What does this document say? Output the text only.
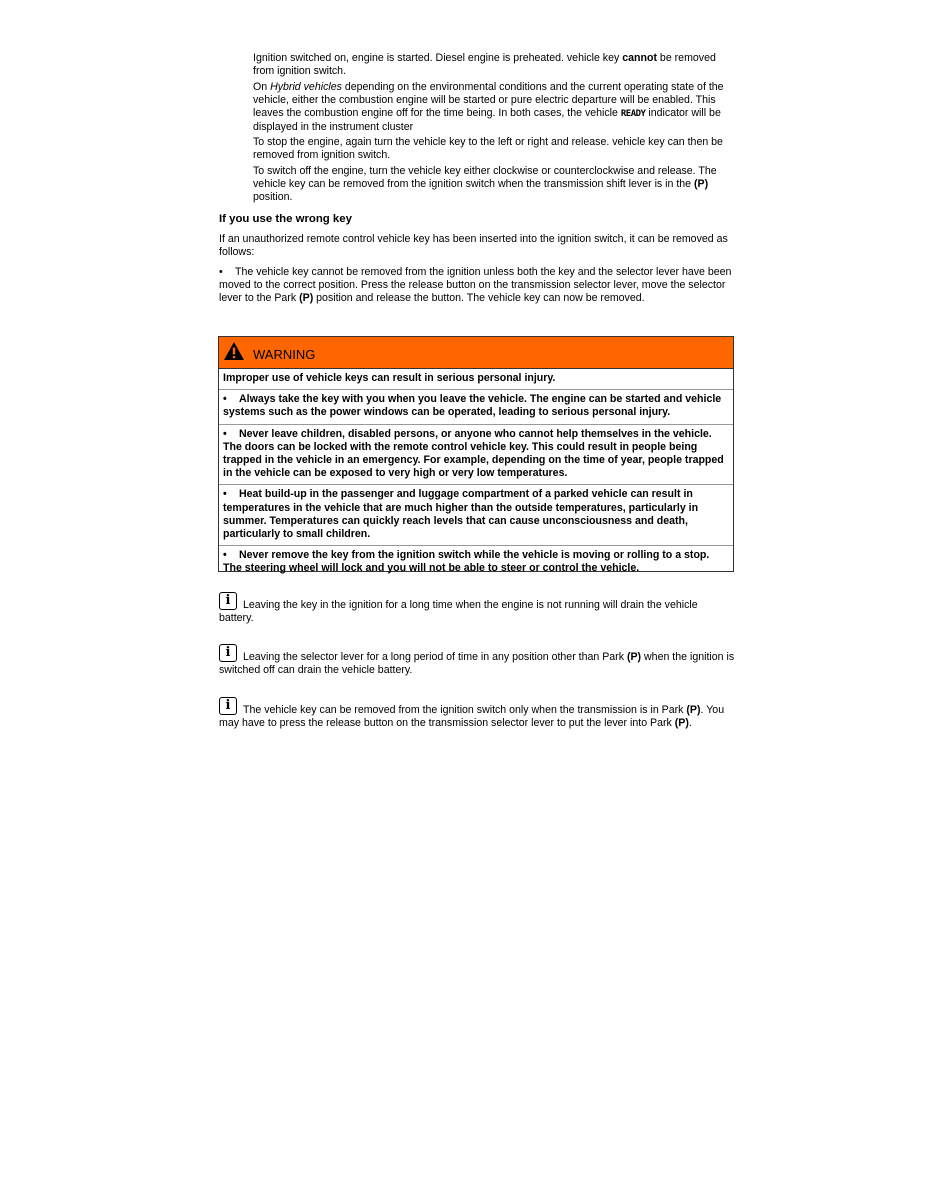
Ignition switched on, engine is started. Diesel engine is preheated. vehicle key cannot be removed from ignition switch.

On Hybrid vehicles depending on the environmental conditions and the current operating state of the vehicle, either the combustion engine will be started or pure electric departure will be enabled. This leaves the combustion engine off for the time being. In both cases, the vehicle READY indicator will be displayed in the instrument cluster

To stop the engine, again turn the vehicle key to the left or right and release. vehicle key can then be removed from ignition switch.

To switch off the engine, turn the vehicle key either clockwise or counterclockwise and release. The vehicle key can be removed from the ignition switch when the transmission shift lever is in the (P) position.

If you use the wrong key

If an unauthorized remote control vehicle key has been inserted into the ignition switch, it can be removed as follows:

• The vehicle key cannot be removed from the ignition unless both the key and the selector lever have been moved to the correct position. Press the release button on the transmission selector lever, move the selector lever to the Park (P) position and release the button. The vehicle key can now be removed.

WARNING

Improper use of vehicle keys can result in serious personal injury.

• Always take the key with you when you leave the vehicle. The engine can be started and vehicle systems such as the power windows can be operated, leading to serious personal injury.

• Never leave children, disabled persons, or anyone who cannot help themselves in the vehicle. The doors can be locked with the remote control vehicle key. This could result in people being trapped in the vehicle in an emergency. For example, depending on the time of year, people trapped in the vehicle can be exposed to very high or very low temperatures.

• Heat build-up in the passenger and luggage compartment of a parked vehicle can result in temperatures in the vehicle that are much higher than the outside temperatures, particularly in summer. Temperatures can quickly reach levels that can cause unconsciousness and death, particularly to small children.

• Never remove the key from the ignition switch while the vehicle is moving or rolling to a stop. The steering wheel will lock and you will not be able to steer or control the vehicle.

i	Leaving the key in the ignition for a long time when the engine is not running will drain the vehicle battery.

i	Leaving the selector lever for a long period of time in any position other than Park (P) when the ignition is switched off can drain the vehicle battery.

i	The vehicle key can be removed from the ignition switch only when the transmission is in Park (P). You may have to press the release button on the transmission selector lever to put the lever into Park (P).
